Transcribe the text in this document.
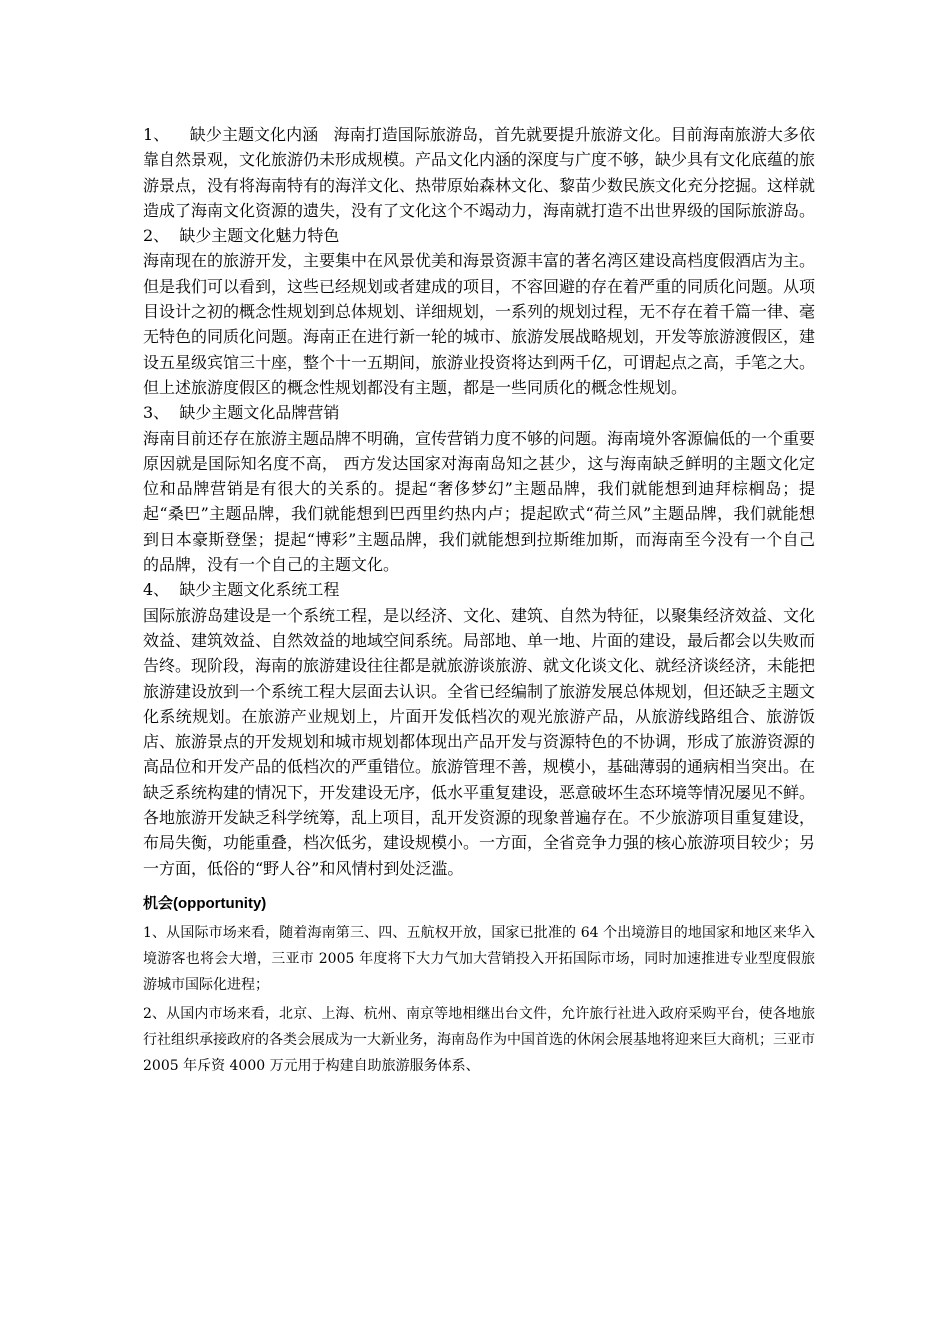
1、    缺少主题文化内涵   海南打造国际旅游岛，首先就要提升旅游文化。目前海南旅游大多依靠自然景观，文化旅游仍未形成规模。产品文化内涵的深度与广度不够，缺少具有文化底蕴的旅游景点，没有将海南特有的海洋文化、热带原始森林文化、黎苗少数民族文化充分挖掘。这样就造成了海南文化资源的遗失，没有了文化这个不竭动力，海南就打造不出世界级的国际旅游岛。

2、  缺少主题文化魅力特色

海南现在的旅游开发，主要集中在风景优美和海景资源丰富的著名湾区建设高档度假酒店为主。但是我们可以看到，这些已经规划或者建成的项目，不容回避的存在着严重的同质化问题。从项目设计之初的概念性规划到总体规划、详细规划，一系列的规划过程，无不存在着千篇一律、毫无特色的同质化问题。海南正在进行新一轮的城市、旅游发展战略规划，开发等旅游渡假区，建设五星级宾馆三十座，整个十一五期间，旅游业投资将达到两千亿，可谓起点之高，手笔之大。但上述旅游度假区的概念性规划都没有主题，都是一些同质化的概念性规划。

3、  缺少主题文化品牌营销

海南目前还存在旅游主题品牌不明确，宣传营销力度不够的问题。海南境外客源偏低的一个重要原因就是国际知名度不高， 西方发达国家对海南岛知之甚少，这与海南缺乏鲜明的主题文化定位和品牌营销是有很大的关系的。提起“奢侈梦幻”主题品牌，我们就能想到迪拜棕榈岛；提起“桑巴”主题品牌，我们就能想到巴西里约热内卢；提起欧式“荷兰风”主题品牌，我们就能想到日本豪斯登堡；提起“博彩”主题品牌，我们就能想到拉斯维加斯，而海南至今没有一个自己的品牌，没有一个自己的主题文化。

4、  缺少主题文化系统工程

国际旅游岛建设是一个系统工程，是以经济、文化、建筑、自然为特征，以聚集经济效益、文化效益、建筑效益、自然效益的地域空间系统。局部地、单一地、片面的建设，最后都会以失败而告终。现阶段，海南的旅游建设往往都是就旅游谈旅游、就文化谈文化、就经济谈经济，未能把旅游建设放到一个系统工程大层面去认识。全省已经编制了旅游发展总体规划，但还缺乏主题文化系统规划。在旅游产业规划上，片面开发低档次的观光旅游产品，从旅游线路组合、旅游饭店、旅游景点的开发规划和城市规划都体现出产品开发与资源特色的不协调，形成了旅游资源的高品位和开发产品的低档次的严重错位。旅游管理不善，规模小，基础薄弱的通病相当突出。在缺乏系统构建的情况下，开发建设无序，低水平重复建设，恶意破坏生态环境等情况屡见不鲜。各地旅游开发缺乏科学统筹，乱上项目，乱开发资源的现象普遍存在。不少旅游项目重复建设，布局失衡，功能重叠，档次低劣，建设规模小。一方面，全省竞争力强的核心旅游项目较少；另一方面，低俗的“野人谷”和风情村到处泛滥。

机会(opportunity)

1、从国际市场来看，随着海南第三、四、五航权开放，国家已批准的 64 个出境游目的地国家和地区来华入境游客也将会大增，三亚市 2005 年度将下大力气加大营销投入开拓国际市场，同时加速推进专业型度假旅游城市国际化进程；

2、从国内市场来看，北京、上海、杭州、南京等地相继出台文件，允许旅行社进入政府采购平台，使各地旅行社组织承接政府的各类会展成为一大新业务，海南岛作为中国首选的休闲会展基地将迎来巨大商机；三亚市 2005 年斥资 4000 万元用于构建自助旅游服务体系、
